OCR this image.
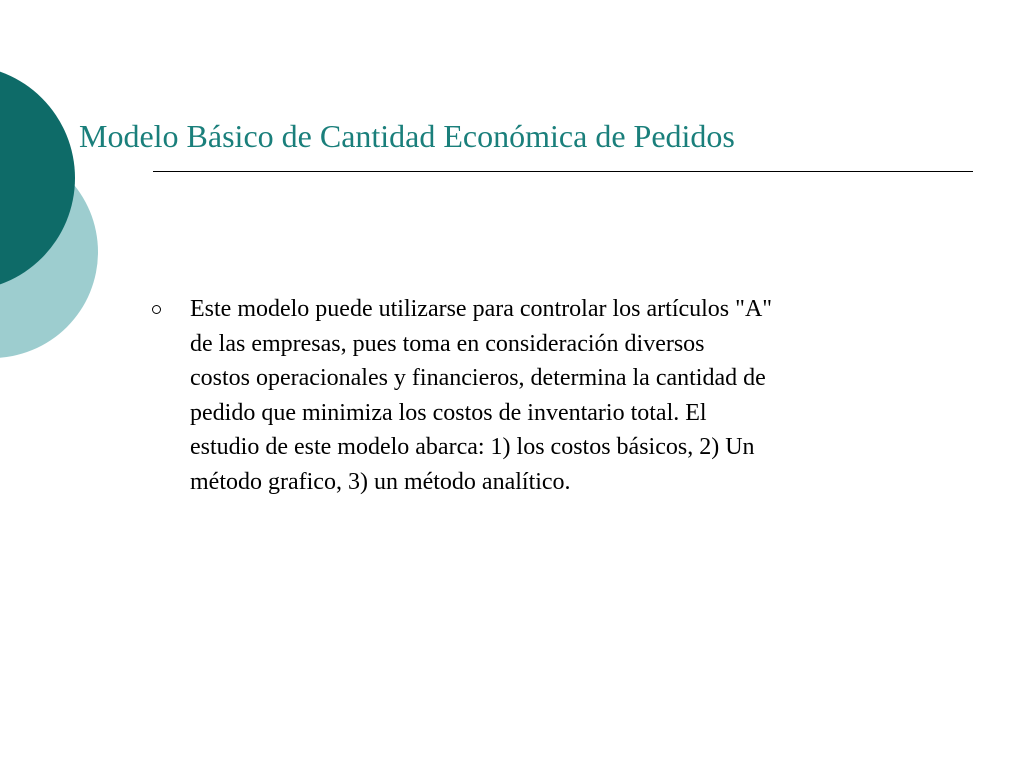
Modelo Básico de Cantidad Económica de Pedidos
Este modelo puede utilizarse para controlar los artículos "A"
de las empresas, pues toma en consideración diversos
costos operacionales y financieros, determina la cantidad de
pedido que minimiza los costos de inventario total. El
estudio de este modelo abarca: 1) los costos básicos, 2) Un
método grafico, 3) un método analítico.
